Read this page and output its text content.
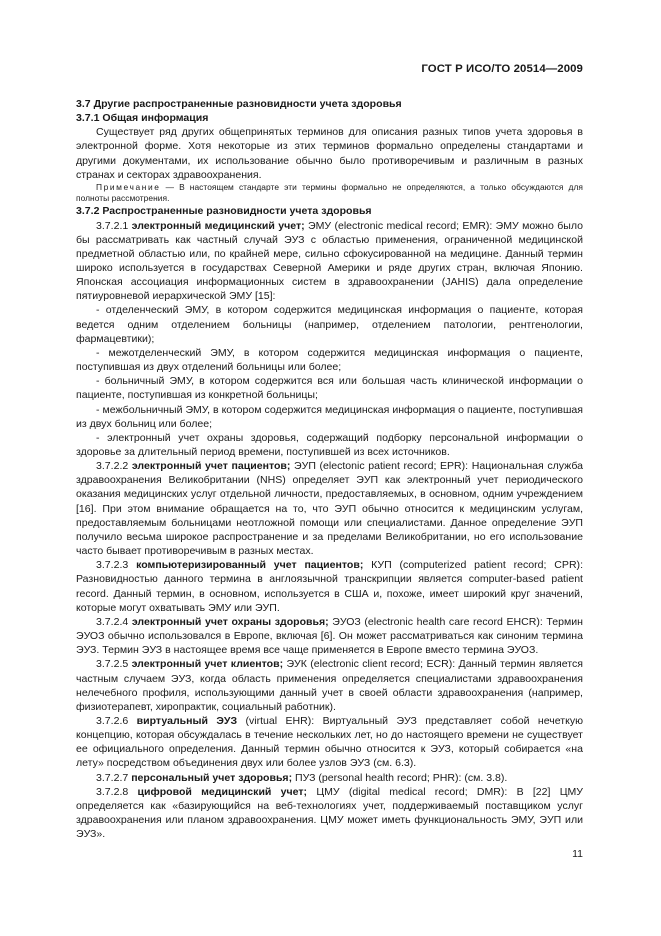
ГОСТ Р ИСО/ТО 20514—2009

3.7 Другие распространенные разновидности учета здоровья

3.7.1 Общая информация

Существует ряд других общепринятых терминов для описания разных типов учета здоровья в электронной форме. Хотя некоторые из этих терминов формально определены стандартами и другими документами, их использование обычно было противоречивым и различным в разных странах и секторах здравоохранения.

Примечание — В настоящем стандарте эти термины формально не определяются, а только обсуждаются для полноты рассмотрения.

3.7.2 Распространенные разновидности учета здоровья

3.7.2.1 электронный медицинский учет; ЭМУ (electronic medical record; EMR): ЭМУ можно было бы рассматривать как частный случай ЭУЗ с областью применения, ограниченной медицинской предметной областью или, по крайней мере, сильно сфокусированной на медицине. Данный термин широко используется в государствах Северной Америки и ряде других стран, включая Японию. Японская ассоциация информационных систем в здравоохранении (JAHIS) дала определение пятиуровневой иерархической ЭМУ [15]:

- отделенческий ЭМУ, в котором содержится медицинская информация о пациенте, которая ведется одним отделением больницы (например, отделением патологии, рентгенологии, фармацевтики);

- межотделенческий ЭМУ, в котором содержится медицинская информация о пациенте, поступившая из двух отделений больницы или более;

- больничный ЭМУ, в котором содержится вся или большая часть клинической информации о пациенте, поступившая из конкретной больницы;

- межбольничный ЭМУ, в котором содержится медицинская информация о пациенте, поступившая из двух больниц или более;

- электронный учет охраны здоровья, содержащий подборку персональной информации о здоровье за длительный период времени, поступившей из всех источников.

3.7.2.2 электронный учет пациентов; ЭУП (electonic patient record; EPR): Национальная служба здравоохранения Великобритании (NHS) определяет ЭУП как электронный учет периодического оказания медицинских услуг отдельной личности, предоставляемых, в основном, одним учреждением [16]. При этом внимание обращается на то, что ЭУП обычно относится к медицинским услугам, предоставляемым больницами неотложной помощи или специалистами. Данное определение ЭУП получило весьма широкое распространение и за пределами Великобритании, но его использование часто бывает противоречивым в разных местах.

3.7.2.3 компьютеризированный учет пациентов; КУП (computerized patient record; CPR): Разновидностью данного термина в англоязычной транскрипции является computer-based patient record. Данный термин, в основном, используется в США и, похоже, имеет широкий круг значений, которые могут охватывать ЭМУ или ЭУП.

3.7.2.4 электронный учет охраны здоровья; ЭУОЗ (electronic health care record EHCR): Термин ЭУОЗ обычно использовался в Европе, включая [6]. Он может рассматриваться как синоним термина ЭУЗ. Термин ЭУЗ в настоящее время все чаще применяется в Европе вместо термина ЭУОЗ.

3.7.2.5 электронный учет клиентов; ЭУК (electronic client record; ECR): Данный термин является частным случаем ЭУЗ, когда область применения определяется специалистами здравоохранения нелечебного профиля, использующими данный учет в своей области здравоохранения (например, физиотерапевт, хиропрактик, социальный работник).

3.7.2.6 виртуальный ЭУЗ (virtual EHR): Виртуальный ЭУЗ представляет собой нечеткую концепцию, которая обсуждалась в течение нескольких лет, но до настоящего времени не существует ее официального определения. Данный термин обычно относится к ЭУЗ, который собирается «на лету» посредством объединения двух или более узлов ЭУЗ (см. 6.3).

3.7.2.7 персональный учет здоровья; ПУЗ (personal health record; PHR): (см. 3.8).

3.7.2.8 цифровой медицинский учет; ЦМУ (digital medical record; DMR): В [22] ЦМУ определяется как «базирующийся на веб-технологиях учет, поддерживаемый поставщиком услуг здравоохранения или планом здравоохранения. ЦМУ может иметь функциональность ЭМУ, ЭУП или ЭУЗ».

11
